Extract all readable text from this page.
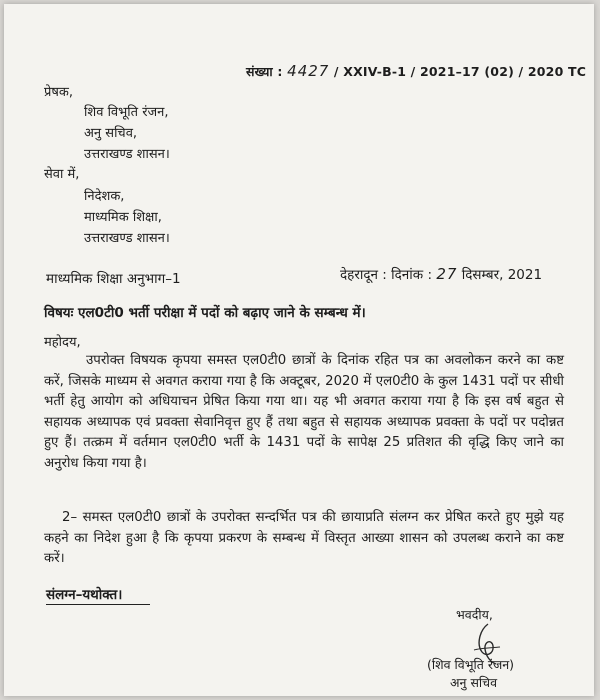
संख्या : 4427 / XXIV-B-1 / 2021–17 (02) / 2020 TC
प्रेषक,
शिव विभूति रंजन,
अनु सचिव,
उत्तराखण्ड शासन।
सेवा में,
निदेशक,
माध्यमिक शिक्षा,
उत्तराखण्ड शासन।
माध्यमिक शिक्षा अनुभाग–1	देहरादून : दिनांक : 27 दिसम्बर, 2021
विषयः एल0टी0 भर्ती परीक्षा में पदों को बढ़ाए जाने के सम्बन्ध में।
महोदय,
उपरोक्त विषयक कृपया समस्त एल0टी0 छात्रों के दिनांक रहित पत्र का अवलोकन करने का कष्ट करें, जिसके माध्यम से अवगत कराया गया है कि अक्टूबर, 2020 में एल0टी0 के कुल 1431 पदों पर सीधी भर्ती हेतु आयोग को अधियाचन प्रेषित किया गया था। यह भी अवगत कराया गया है कि इस वर्ष बहुत से सहायक अध्यापक एवं प्रवक्ता सेवानिवृत्त हुए हैं तथा बहुत से सहायक अध्यापक प्रवक्ता के पदों पर पदोन्नत हुए हैं। तत्क्रम में वर्तमान एल0टी0 भर्ती के 1431 पदों के सापेक्ष 25 प्रतिशत की वृद्धि किए जाने का अनुरोध किया गया है।
2– समस्त एल0टी0 छात्रों के उपरोक्त सन्दर्भित पत्र की छायाप्रति संलग्न कर प्रेषित करते हुए मुझे यह कहने का निदेश हुआ है कि कृपया प्रकरण के सम्बन्ध में विस्तृत आख्या शासन को उपलब्ध कराने का कष्ट करें।
संलग्न–यथोक्त।
भवदीय,
(शिव विभूति रंजन)
अनु सचिव
